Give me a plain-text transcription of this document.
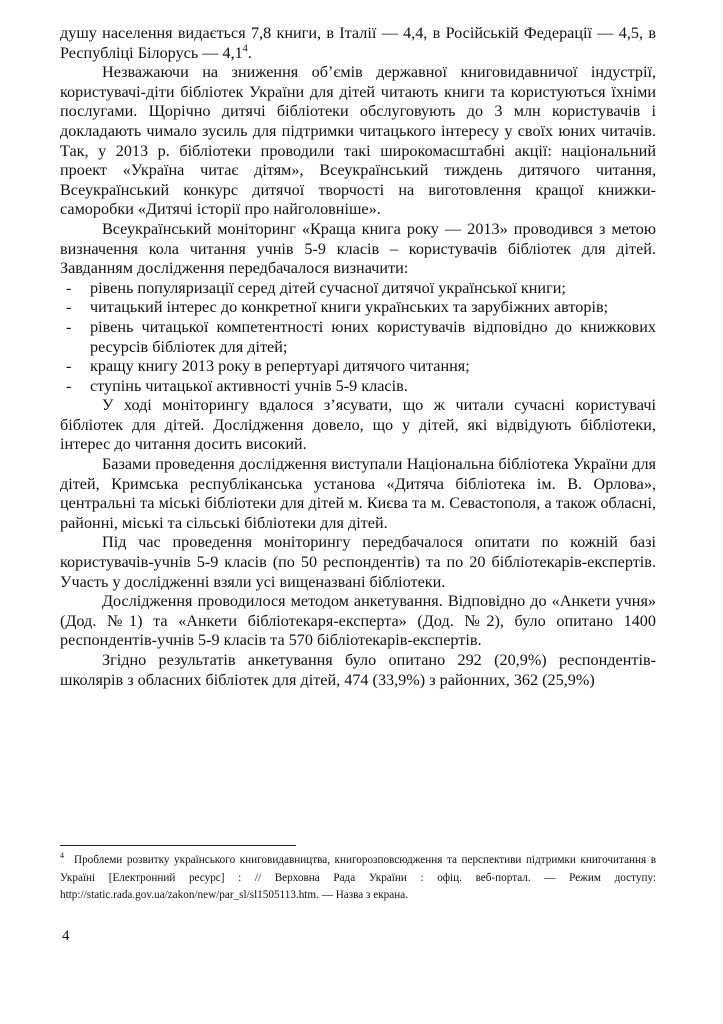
душу населення видається 7,8 книги, в Італії — 4,4, в Російській Федерації — 4,5, в Республіці Білорусь — $4,1^4$.

Незважаючи на зниження об’ємів державної книговидавничої індустрії, користувачі-діти бібліотек України для дітей читають книги та користуються їхніми послугами. Щорічно дитячі бібліотеки обслуговують до 3 млн користувачів і докладають чимало зусиль для підтримки читацького інтересу у своїх юних читачів. Так, у 2013 р. бібліотеки проводили такі широкомасштабні акції: національний проект «Україна читає дітям», Всеукраїнський тиждень дитячого читання, Всеукраїнський конкурс дитячої творчості на виготовлення кращої книжки-саморобки «Дитячі історії про найголовніше».

Всеукраїнський моніторинг «Краща книга року — 2013» проводився з метою визначення кола читання учнів 5-9 класів – користувачів бібліотек для дітей. Завданням дослідження передбачалося визначити:

- рівень популяризації серед дітей сучасної дитячої української книги;
- читацький інтерес до конкретної книги українських та зарубіжних авторів;
- рівень читацької компетентності юних користувачів відповідно до книжкових ресурсів бібліотек для дітей;
- кращу книгу 2013 року в репертуарі дитячого читання;
- ступінь читацької активності учнів 5-9 класів.

У ході моніторингу вдалося з’ясувати, що ж читали сучасні користувачі бібліотек для дітей. Дослідження довело, що у дітей, які відвідують бібліотеки, інтерес до читання досить високий.

Базами проведення дослідження виступали Національна бібліотека України для дітей, Кримська республіканська установа «Дитяча бібліотека ім. В. Орлова», центральні та міські бібліотеки для дітей м. Києва та м. Севастополя, а також обласні, районні, міські та сільські бібліотеки для дітей.

Під час проведення моніторингу передбачалося опитати по кожній базі користувачів-учнів 5-9 класів (по 50 респондентів) та по 20 бібліотекарів-експертів. Участь у дослідженні взяли усі вищеназвані бібліотеки.

Дослідження проводилося методом анкетування. Відповідно до «Анкети учня» (Дод. №1) та «Анкети бібліотекаря-експерта» (Дод. №2), було опитано 1400 респондентів-учнів 5-9 класів та 570 бібліотекарів-експертів.

Згідно результатів анкетування було опитано 292 (20,9%) респондентів-школярів з обласних бібліотек для дітей, 474 (33,9%) з районних, 362 (25,9%)

$^4$ Проблеми розвитку українського книговидавництва, книгорозповсюдження та перспективи підтримки книгочитання в Україні [Електронний ресурс] : // Верховна Рада України : офіц. веб-портал. — Режим доступу: http://static.rada.gov.ua/zakon/new/par_sl/sl1505113.htm. — Назва з екрана.

4
